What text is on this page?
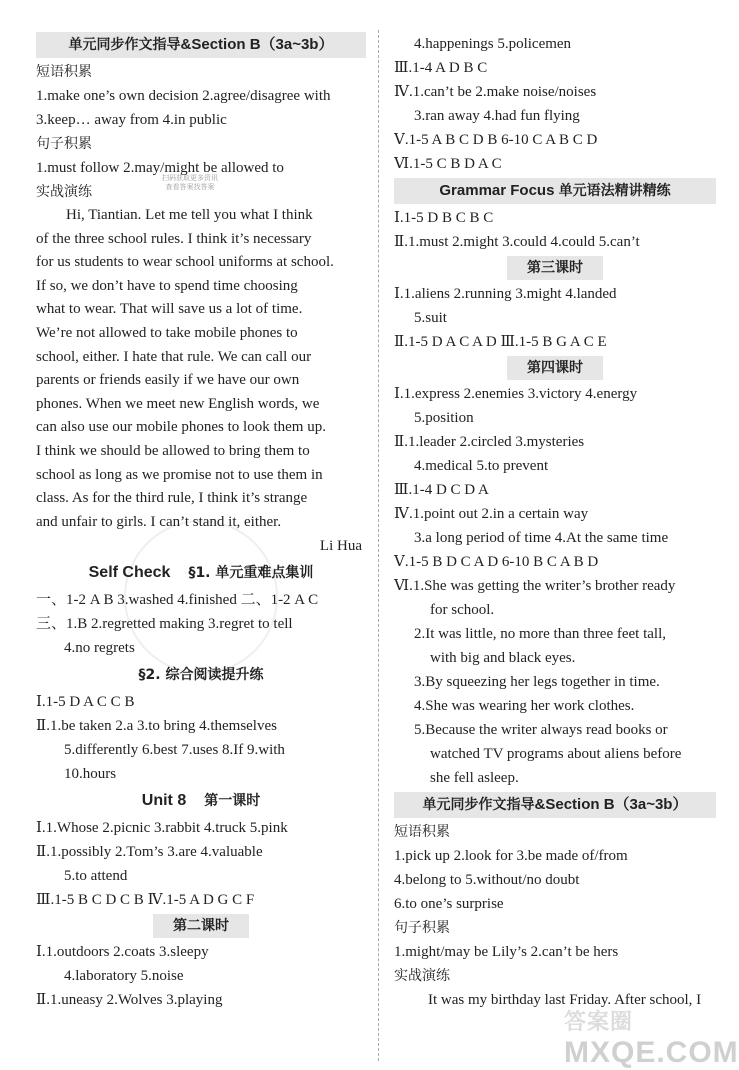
扫码获取更多资讯 查看答案找答案
单元同步作文指导&Section B（3a~3b）
短语积累
1.make one’s own decision 2.agree/disagree with
3.keep… away from 4.in public
句子积累
1.must follow 2.may/might be allowed to
实战演练
Hi, Tiantian. Let me tell you what I think
of the three school rules. I think it’s necessary
for us students to wear school uniforms at school.
If so, we don’t have to spend time choosing
what to wear. That will save us a lot of time.
We’re not allowed to take mobile phones to
school, either. I hate that rule. We can call our
parents or friends easily if we have our own
phones. When we meet new English words, we
can also use our mobile phones to look them up.
I think we should be allowed to bring them to
school as long as we promise not to use them in
class. As for the third rule, I think it’s strange
and unfair to girls. I can’t stand it, either.
Li Hua
Self Check §1. 单元重难点集训
一、1-2 A B 3.washed 4.finished 二、1-2 A C
三、1.B 2.regretted making 3.regret to tell
4.no regrets
§2. 综合阅读提升练
Ⅰ.1-5 D A C C B
Ⅱ.1.be taken 2.a 3.to bring 4.themselves
5.differently 6.best 7.uses 8.If 9.with
10.hours
Unit 8 第一课时
Ⅰ.1.Whose 2.picnic 3.rabbit 4.truck 5.pink
Ⅱ.1.possibly 2.Tom’s 3.are 4.valuable
5.to attend
Ⅲ.1-5 B C D C B Ⅳ.1-5 A D G C F
第二课时
Ⅰ.1.outdoors 2.coats 3.sleepy
4.laboratory 5.noise
Ⅱ.1.uneasy 2.Wolves 3.playing
4.happenings 5.policemen
Ⅲ.1-4 A D B C
Ⅳ.1.can’t be 2.make noise/noises
3.ran away 4.had fun flying
Ⅴ.1-5 A B C D B 6-10 C A B C D
Ⅵ.1-5 C B D A C
Grammar Focus 单元语法精讲精练
Ⅰ.1-5 D B C B C
Ⅱ.1.must 2.might 3.could 4.could 5.can’t
第三课时
Ⅰ.1.aliens 2.running 3.might 4.landed
5.suit
Ⅱ.1-5 D A C A D Ⅲ.1-5 B G A C E
第四课时
Ⅰ.1.express 2.enemies 3.victory 4.energy
5.position
Ⅱ.1.leader 2.circled 3.mysteries
4.medical 5.to prevent
Ⅲ.1-4 D C D A
Ⅳ.1.point out 2.in a certain way
3.a long period of time 4.At the same time
Ⅴ.1-5 B D C A D 6-10 B C A B D
Ⅵ.1.She was getting the writer’s brother ready
for school.
2.It was little, no more than three feet tall,
with big and black eyes.
3.By squeezing her legs together in time.
4.She was wearing her work clothes.
5.Because the writer always read books or
watched TV programs about aliens before
she fell asleep.
单元同步作文指导&Section B（3a~3b）
短语积累
1.pick up 2.look for 3.be made of/from
4.belong to 5.without/no doubt
6.to one’s surprise
句子积累
1.might/may be Lily’s 2.can’t be hers
实战演练
It was my birthday last Friday. After school, I
答案圈
MXQE.COM
